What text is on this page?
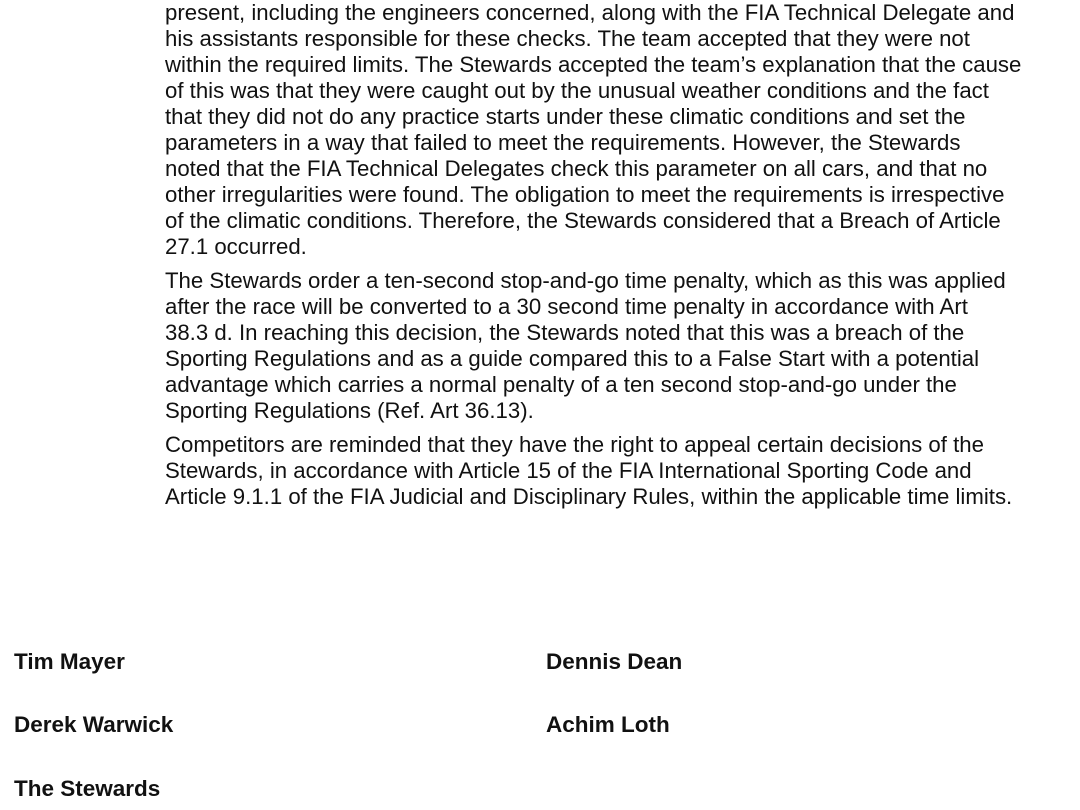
present, including the engineers concerned, along with the FIA Technical Delegate and
his assistants responsible for these checks. The team accepted that they were not
within the required limits. The Stewards accepted the team’s explanation that the cause
of this was that they were caught out by the unusual weather conditions and the fact
that they did not do any practice starts under these climatic conditions and set the
parameters in a way that failed to meet the requirements. However, the Stewards
noted that the FIA Technical Delegates check this parameter on all cars, and that no
other irregularities were found. The obligation to meet the requirements is irrespective
of the climatic conditions. Therefore, the Stewards considered that a Breach of Article
27.1 occurred.

The Stewards order a ten-second stop-and-go time penalty, which as this was applied
after the race will be converted to a 30 second time penalty in accordance with Art
38.3 d. In reaching this decision, the Stewards noted that this was a breach of the
Sporting Regulations and as a guide compared this to a False Start with a potential
advantage which carries a normal penalty of a ten second stop-and-go under the
Sporting Regulations (Ref. Art 36.13).

Competitors are reminded that they have the right to appeal certain decisions of the
Stewards, in accordance with Article 15 of the FIA International Sporting Code and
Article 9.1.1 of the FIA Judicial and Disciplinary Rules, within the applicable time limits.

Tim Mayer	Dennis Dean
Derek Warwick	Achim Loth
The Stewards
